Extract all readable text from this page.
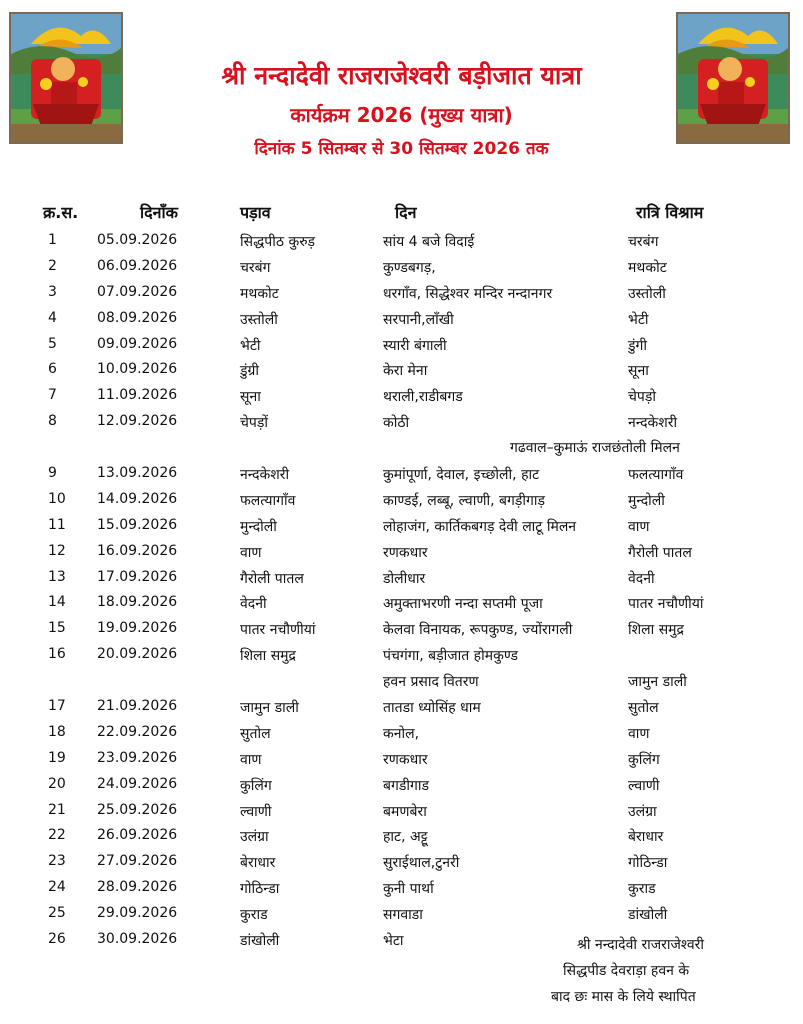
श्री नन्दादेवी राजराजेश्वरी बड़ीजात यात्रा
कार्यक्रम 2026 (मुख्य यात्रा)
दिनांक 5 सितम्बर से 30 सितम्बर 2026 तक
क्र.स.	दिनाँक	पड़ाव	दिन	रात्रि विश्राम
1	05.09.2026	सिद्धपीठ कुरुड़	सांय 4 बजे विदाई	चरबंग
2	06.09.2026	चरबंग	कुण्डबगड़,	मथकोट
3	07.09.2026	मथकोट	धरगाँव, सिद्धेश्वर मन्दिर नन्दानगर	उस्तोली
4	08.09.2026	उस्तोली	सरपानी,लाँखी	भेटी
5	09.09.2026	भेटी	स्यारी बंगाली	डुंगी
6	10.09.2026	डुंग्री	केरा मेना	सूना
7	11.09.2026	सूना	थराली,राडीबगड	चेपड़ो
8	12.09.2026	चेपड़ों	कोठी	नन्दकेशरी
9	13.09.2026	नन्दकेशरी	कुमांपूर्णा, देवाल, इच्छोली, हाट	फलत्यागाँव
10 14.09.2026	फलत्यागाँव	काण्डई, लब्बू, ल्वाणी, बगड़ीगाड़	मुन्दोली
11 15.09.2026	मुन्दोली	लोहाजंग, कार्तिकबगड़ देवी लाटू मिलन	वाण
12 16.09.2026	वाण	रणकधार	गैरोली पातल
13 17.09.2026	गैरोली पातल	डोलीधार	वेदनी
14 18.09.2026	वेदनी	अमुक्ताभरणी नन्दा सप्तमी पूजा	पातर नचौणीयां
15 19.09.2026	पातर नचौणीयां	केलवा विनायक, रूपकुण्ड, ज्योंरागली	शिला समुद्र
16 20.09.2026	शिला समुद्र	पंचगंगा, बड़ीजात होमकुण्ड
हवन प्रसाद वितरण	जामुन डाली
17 21.09.2026	जामुन डाली	तातडा ध्योसिंह धाम	सुतोल
18 22.09.2026	सुतोल	कनोल,	वाण
19 23.09.2026	वाण	रणकधार	कुलिंग
20 24.09.2026	कुलिंग	बगडीगाड	ल्वाणी
21 25.09.2026	ल्वाणी	बमणबेरा	उलंग्रा
22 26.09.2026	उलंग्रा	हाट, अट्टू	बेराधार
23 27.09.2026	बेराधार	सुराईथाल,टुनरी	गोठिन्डा
24 28.09.2026	गोठिन्डा	कुनी पार्था	कुराड
25 29.09.2026	कुराड	सगवाडा	डांखोली
26 30.09.2026	डांखोली	भेटा
गढवाल–कुमाऊं राजछंतोली मिलन
श्री नन्दादेवी राजराजेश्वरी
सिद्धपीड देवराड़ा हवन के
बाद छः मास के लिये स्थापित
